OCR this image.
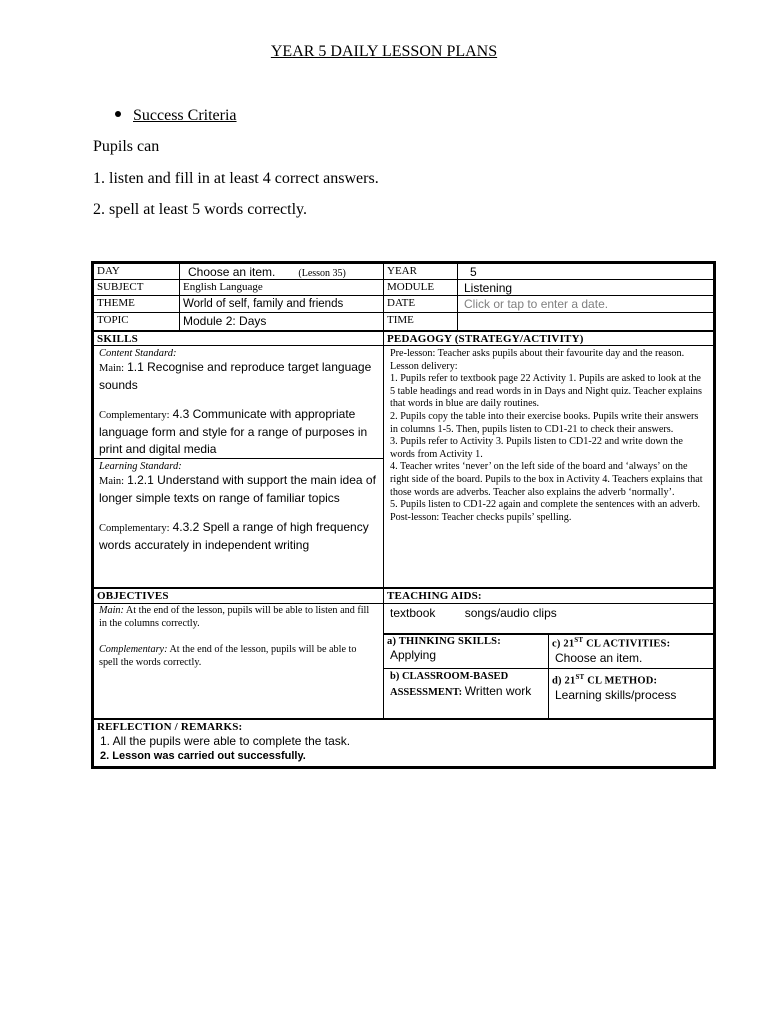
YEAR 5 DAILY LESSON PLANS
Success Criteria
Pupils can
1. listen and fill in at least 4 correct answers.
2. spell at least 5 words correctly.
DAY	Choose an item. (Lesson 35)	YEAR	5
SUBJECT	English Language	MODULE	Listening
THEME	World of self, family and friends	DATE	Click or tap to enter a date.
TOPIC	Module 2: Days	TIME
SKILLS	PEDAGOGY (STRATEGY/ACTIVITY)
Content Standard:
Main: 1.1 Recognise and reproduce target language sounds
Complementary: 4.3 Communicate with appropriate language form and style for a range of purposes in print and digital media
Learning Standard:
Main: 1.2.1 Understand with support the main idea of longer simple texts on range of familiar topics
Complementary: 4.3.2 Spell a range of high frequency words accurately in independent writing

Pre-lesson: Teacher asks pupils about their favourite day and the reason.

Lesson delivery:

1. Pupils refer to textbook page 22 Activity 1. Pupils are asked to look at the 5 table headings and read words in in Days and Night quiz. Teacher explains that words in blue are daily routines.

2. Pupils copy the table into their exercise books. Pupils write their answers in columns 1-5. Then, pupils listen to CD1-21 to check their answers.

3. Pupils refer to Activity 3. Pupils listen to CD1-22 and write down the words from Activity 1.

4. Teacher writes ‘never’ on the left side of the board and ‘always’ on the right side of the board. Pupils to the box in Activity 4. Teachers explains that those words are adverbs. Teacher also explains the adverb ‘normally’.

5. Pupils listen to CD1-22 again and complete the sentences with an adverb.

Post-lesson: Teacher checks pupils’ spelling.

OBJECTIVES	TEACHING AIDS:
Main: At the end of the lesson, pupils will be able to listen and fill in the columns correctly.
Complementary: At the end of the lesson, pupils will be able to spell the words correctly.
textbook songs/audio clips
a) THINKING SKILLS:
Applying
c) 21ST CL ACTIVITIES:
Choose an item.
b) CLASSROOM-BASED ASSESSMENT: Written work
d) 21ST CL METHOD:
Learning skills/process
REFLECTION / REMARKS:
1. All the pupils were able to complete the task.
2. Lesson was carried out successfully.
